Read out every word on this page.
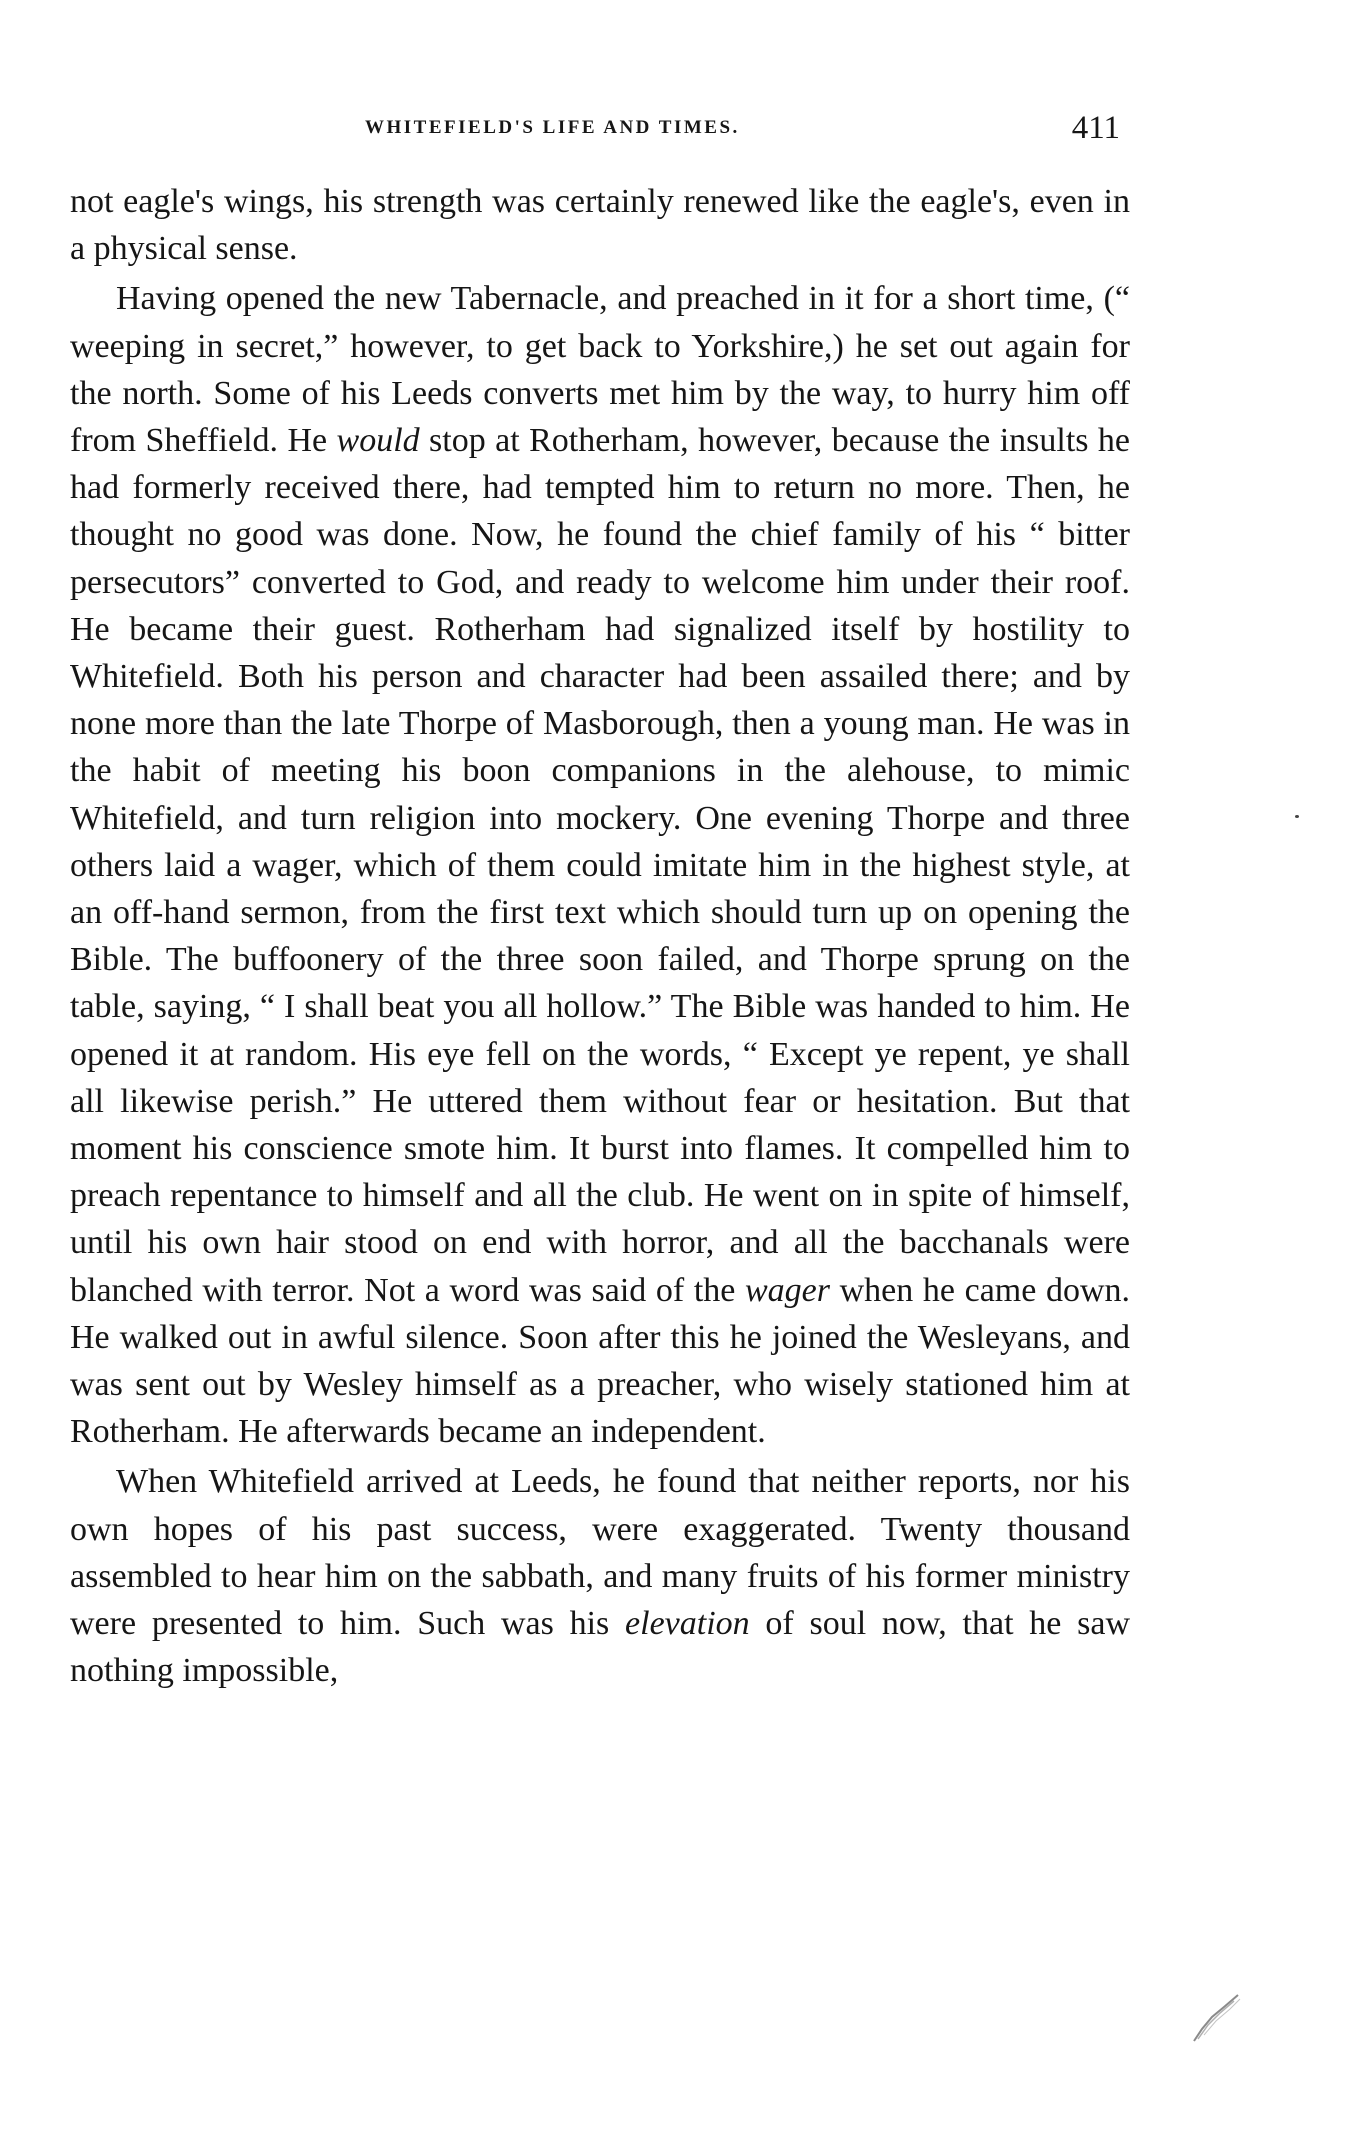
WHITEFIELD'S LIFE AND TIMES.	411

not eagle's wings, his strength was certainly renewed like the eagle's, even in a physical sense.

Having opened the new Tabernacle, and preached in it for a short time, (“ weeping in secret,” however, to get back to Yorkshire,) he set out again for the north. Some of his Leeds converts met him by the way, to hurry him off from Sheffield. He would stop at Rotherham, however, because the insults he had formerly received there, had tempted him to return no more. Then, he thought no good was done. Now, he found the chief family of his “ bitter persecutors” converted to God, and ready to welcome him under their roof. He became their guest. Rotherham had signalized itself by hostility to Whitefield. Both his person and character had been assailed there; and by none more than the late Thorpe of Masborough, then a young man. He was in the habit of meeting his boon companions in the alehouse, to mimic Whitefield, and turn religion into mockery. One evening Thorpe and three others laid a wager, which of them could imitate him in the highest style, at an off-hand sermon, from the first text which should turn up on opening the Bible. The buffoonery of the three soon failed, and Thorpe sprung on the table, saying, “ I shall beat you all hollow.” The Bible was handed to him. He opened it at random. His eye fell on the words, “ Except ye repent, ye shall all likewise perish.” He uttered them without fear or hesitation. But that moment his conscience smote him. It burst into flames. It compelled him to preach repentance to himself and all the club. He went on in spite of himself, until his own hair stood on end with horror, and all the bacchanals were blanched with terror. Not a word was said of the wager when he came down. He walked out in awful silence. Soon after this he joined the Wesleyans, and was sent out by Wesley himself as a preacher, who wisely stationed him at Rotherham. He afterwards became an independent.

When Whitefield arrived at Leeds, he found that neither reports, nor his own hopes of his past success, were exaggerated. Twenty thousand assembled to hear him on the sabbath, and many fruits of his former ministry were presented to him. Such was his elevation of soul now, that he saw nothing impossible,
